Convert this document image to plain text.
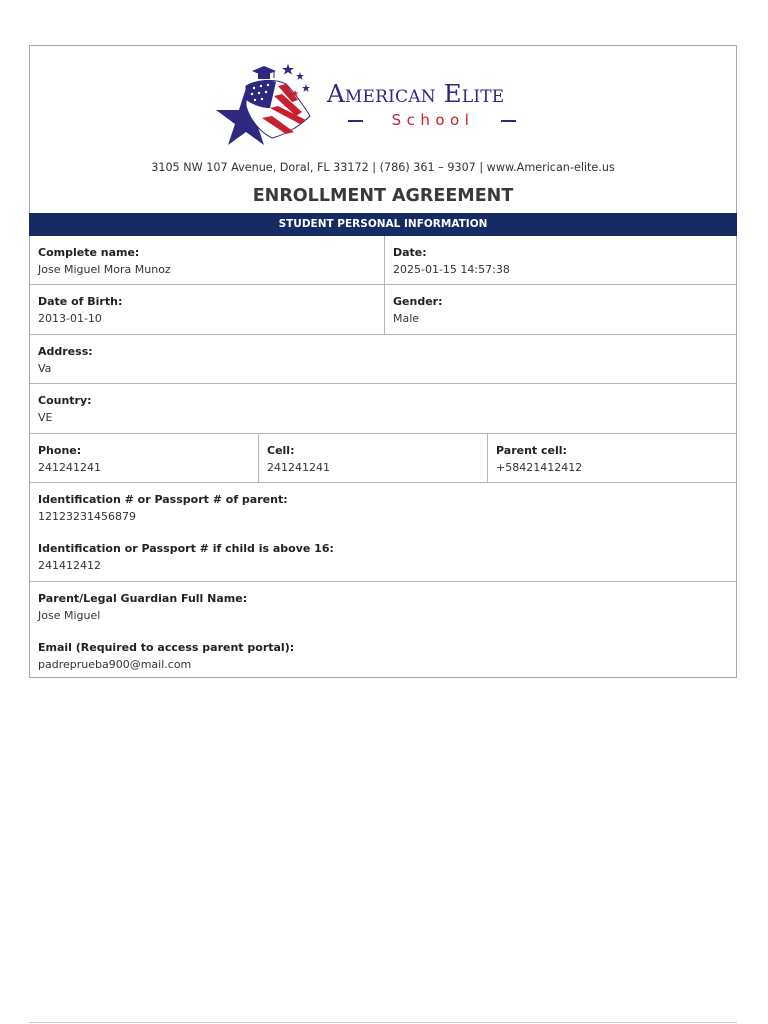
American Elite
School
3105 NW 107 Avenue, Doral, FL 33172 | (786) 361 – 9307 | www.American-elite.us
ENROLLMENT AGREEMENT
STUDENT PERSONAL INFORMATION
Complete name:
Jose Miguel Mora Munoz
Date:
2025-01-15 14:57:38
Date of Birth:
2013-01-10
Gender:
Male
Address:
Va
Country:
VE
Phone:
241241241
Cell:
241241241
Parent cell:
+58421412412
Identification # or Passport # of parent:
12123231456879
Identification or Passport # if child is above 16:
241412412
Parent/Legal Guardian Full Name:
Jose Miguel
Email (Required to access parent portal):
padreprueba900@mail.com
